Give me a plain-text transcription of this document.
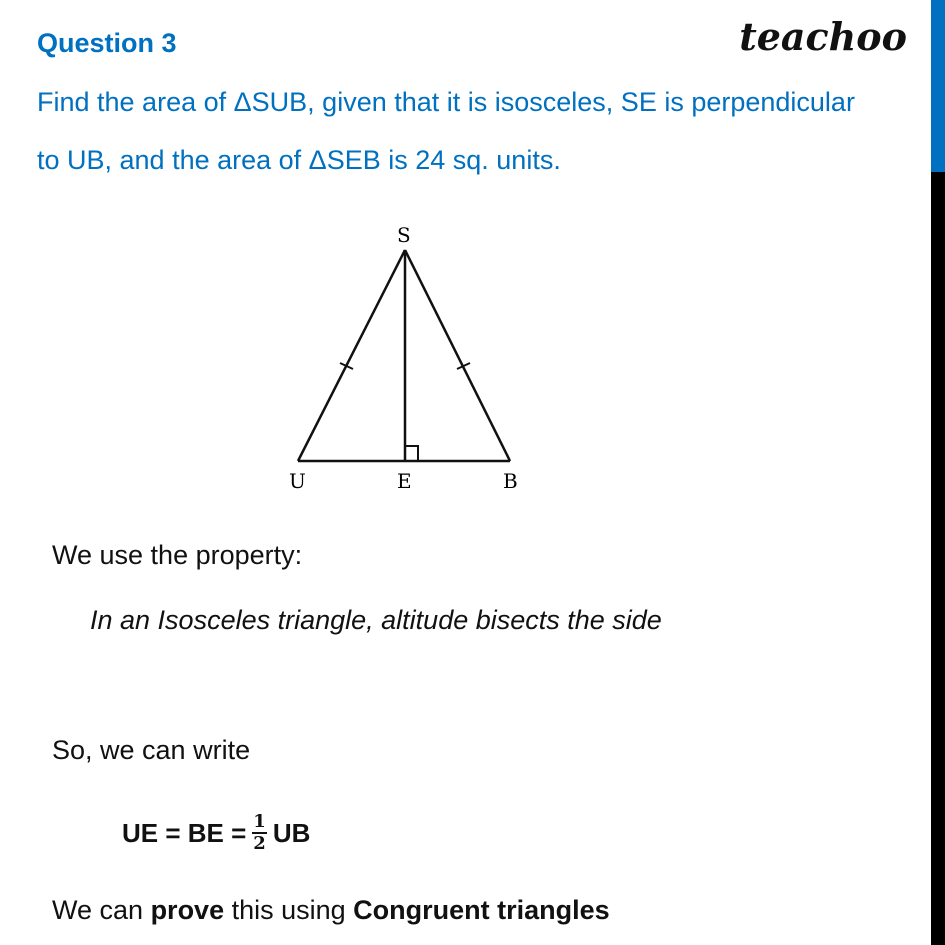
Question 3	teachoo
Find the area of ΔSUB, given that it is isosceles, SE is perpendicular
to UB, and the area of ΔSEB is 24 sq. units.
S
U	E	B
We use the property:
In an Isosceles triangle, altitude bisects the side
So, we can write
UE = BE = $\frac{1}{2}$ UB
We can prove this using Congruent triangles
